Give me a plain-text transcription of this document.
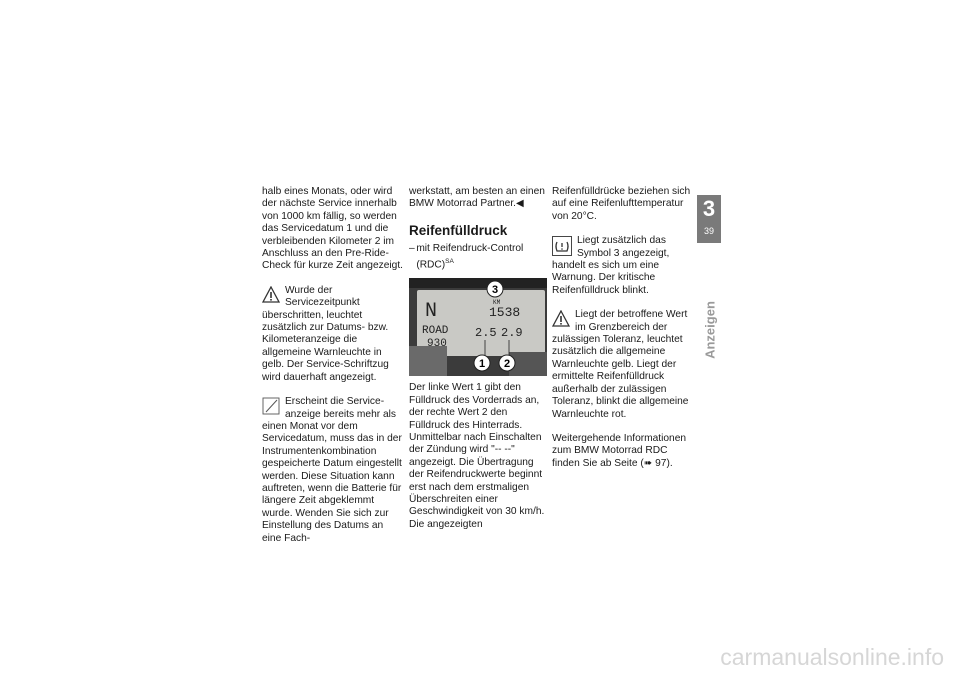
halb eines Monats, oder wird der nächste Service innerhalb von 1000 km fällig, so werden das Servicedatum 1 und die verbleibenden Kilometer 2 im Anschluss an den Pre-Ride-Check für kurze Zeit angezeigt.

Wurde der Servicezeitpunkt überschritten, leuchtet zusätzlich zur Datums- bzw. Kilometeranzeige die allgemeine Warnleuchte in gelb. Der Service-Schriftzug wird dauerhaft angezeigt.
Erscheint die Service-anzeige bereits mehr als einen Monat vor dem Servicedatum, muss das in der Instrumentenkombination gespeicherte Datum eingestellt werden. Diese Situation kann auftreten, wenn die Batterie für längere Zeit abgeklemmt wurde. Wenden Sie sich zur Einstellung des Datums an eine Fach-

werkstatt, am besten an einen BMW Motorrad Partner.◀

Reifenfülldruck
– mit Reifendruck-Control (RDC)$^{SA}$
N
ROAD
930
1538
KM
2.5 2.9
1 2
3

Der linke Wert 1 gibt den Fülldruck des Vorderrads an, der rechte Wert 2 den Fülldruck des Hinterrads. Unmittelbar nach Einschalten der Zündung wird "-- --" angezeigt. Die Übertragung der Reifendruckwerte beginnt erst nach dem erstmaligen Überschreiten einer Geschwindigkeit von 30 km/h. Die angezeigten

Reifenfülldrücke beziehen sich auf eine Reifenlufttemperatur von 20°C.

Liegt zusätzlich das Symbol 3 angezeigt, handelt es sich um eine Warnung. Der kritische Reifenfülldruck blinkt.
Liegt der betroffene Wert im Grenzbereich der zulässigen Toleranz, leuchtet zusätzlich die allgemeine Warnleuchte gelb. Liegt der ermittelte Reifenfülldruck außerhalb der zulässigen Toleranz, blinkt die allgemeine Warnleuchte rot.

Weitergehende Informationen zum BMW Motorrad RDC finden Sie ab Seite (➠ 97).

3
39
Anzeigen
carmanualsonline.info
